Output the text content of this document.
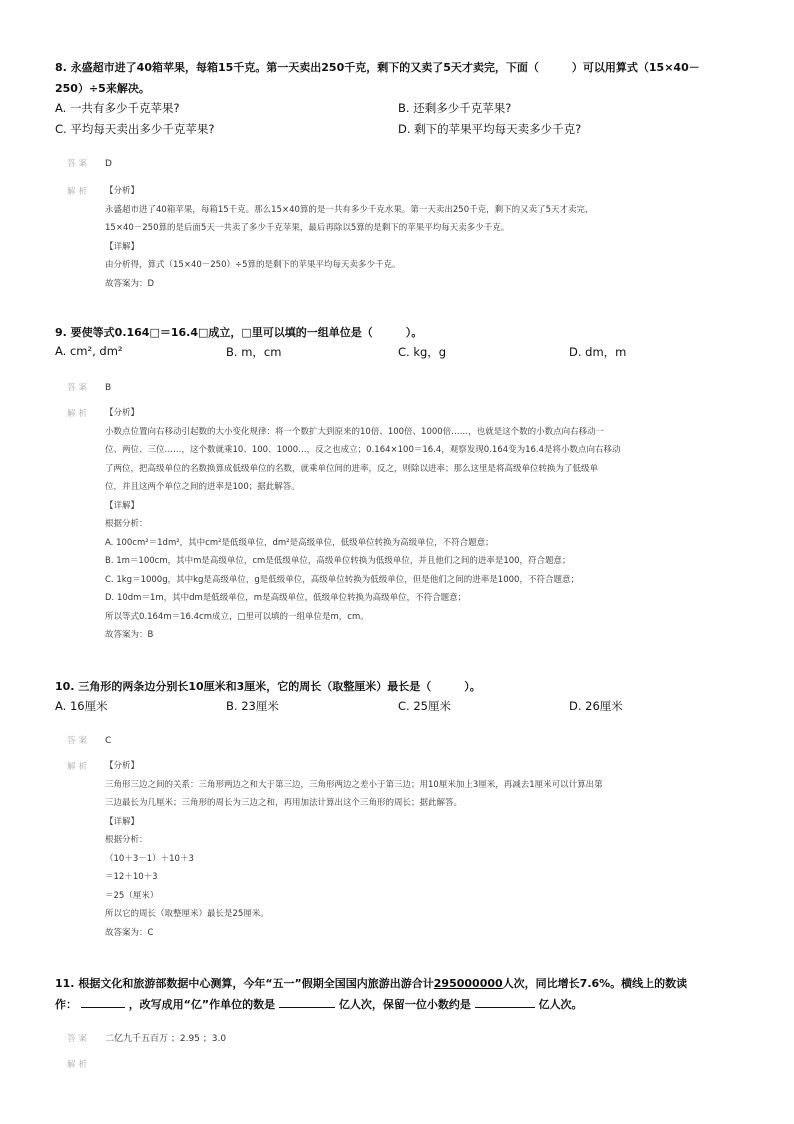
8. 永盛超市进了40箱苹果，每箱15千克。第一天卖出250千克，剩下的又卖了5天才卖完，下面（　　　）可以用算式（15×40－

250）÷5来解决。

A. 一共有多少千克苹果?	B. 还剩多少千克苹果?
C. 平均每天卖出多少千克苹果?	D. 剩下的苹果平均每天卖多少千克?
答案 D
解析 【分析】

永盛超市进了40箱苹果，每箱15千克。那么15×40算的是一共有多少千克水果。第一天卖出250千克，剩下的又卖了5天才卖完，

15×40－250算的是后面5天一共卖了多少千克苹果，最后再除以5算的是剩下的苹果平均每天卖多少千克。

【详解】

由分析得，算式（15×40－250）÷5算的是剩下的苹果平均每天卖多少千克。

故答案为：D

9. 要使等式0.164□＝16.4□成立，□里可以填的一组单位是（　　　）。

A. cm², dm²	B. m，cm	C. kg，g	D. dm，m
答案 B
解析 【分析】

小数点位置向右移动引起数的大小变化规律：将一个数扩大到原来的10倍、100倍、1000倍……，也就是这个数的小数点向右移动一

位、两位、三位……，这个数就乘10、100、1000…，反之也成立；0.164×100＝16.4，观察发现0.164变为16.4是将小数点向右移动

了两位，把高级单位的名数换算成低级单位的名数，就乘单位间的进率，反之，则除以进率；那么这里是将高级单位转换为了低级单

位，并且这两个单位之间的进率是100；据此解答。

【详解】

根据分析：

A. 100cm²＝1dm²，其中cm²是低级单位，dm²是高级单位，低级单位转换为高级单位，不符合题意；

B. 1m＝100cm，其中m是高级单位，cm是低级单位，高级单位转换为低级单位，并且他们之间的进率是100，符合题意；

C. 1kg＝1000g，其中kg是高级单位，g是低级单位，高级单位转换为低级单位，但是他们之间的进率是1000，不符合题意；

D. 10dm＝1m，其中dm是低级单位，m是高级单位，低级单位转换为高级单位，不符合题意；

所以等式0.164m＝16.4cm成立，□里可以填的一组单位是m，cm。

故答案为：B

10. 三角形的两条边分别长10厘米和3厘米，它的周长（取整厘米）最长是（　　　）。

A. 16厘米	B. 23厘米	C. 25厘米	D. 26厘米
答案 C
解析 【分析】

三角形三边之间的关系：三角形两边之和大于第三边，三角形两边之差小于第三边；用10厘米加上3厘米，再减去1厘米可以计算出第

三边最长为几厘米；三角形的周长为三边之和，再用加法计算出这个三角形的周长；据此解答。

【详解】

根据分析：

（10＋3－1）＋10＋3

＝12＋10＋3

＝25（厘米）

所以它的周长（取整厘米）最长是25厘米。

故答案为：C

11. 根据文化和旅游部数据中心测算，今年“五一”假期全国国内旅游出游合计295000000人次，同比增长7.6%。横线上的数读

作：	，改写成用“亿”作单位的数是	亿人次，保留一位小数约是	亿人次。

答案 二亿九千五百万 ；2.95 ；3.0
解析
